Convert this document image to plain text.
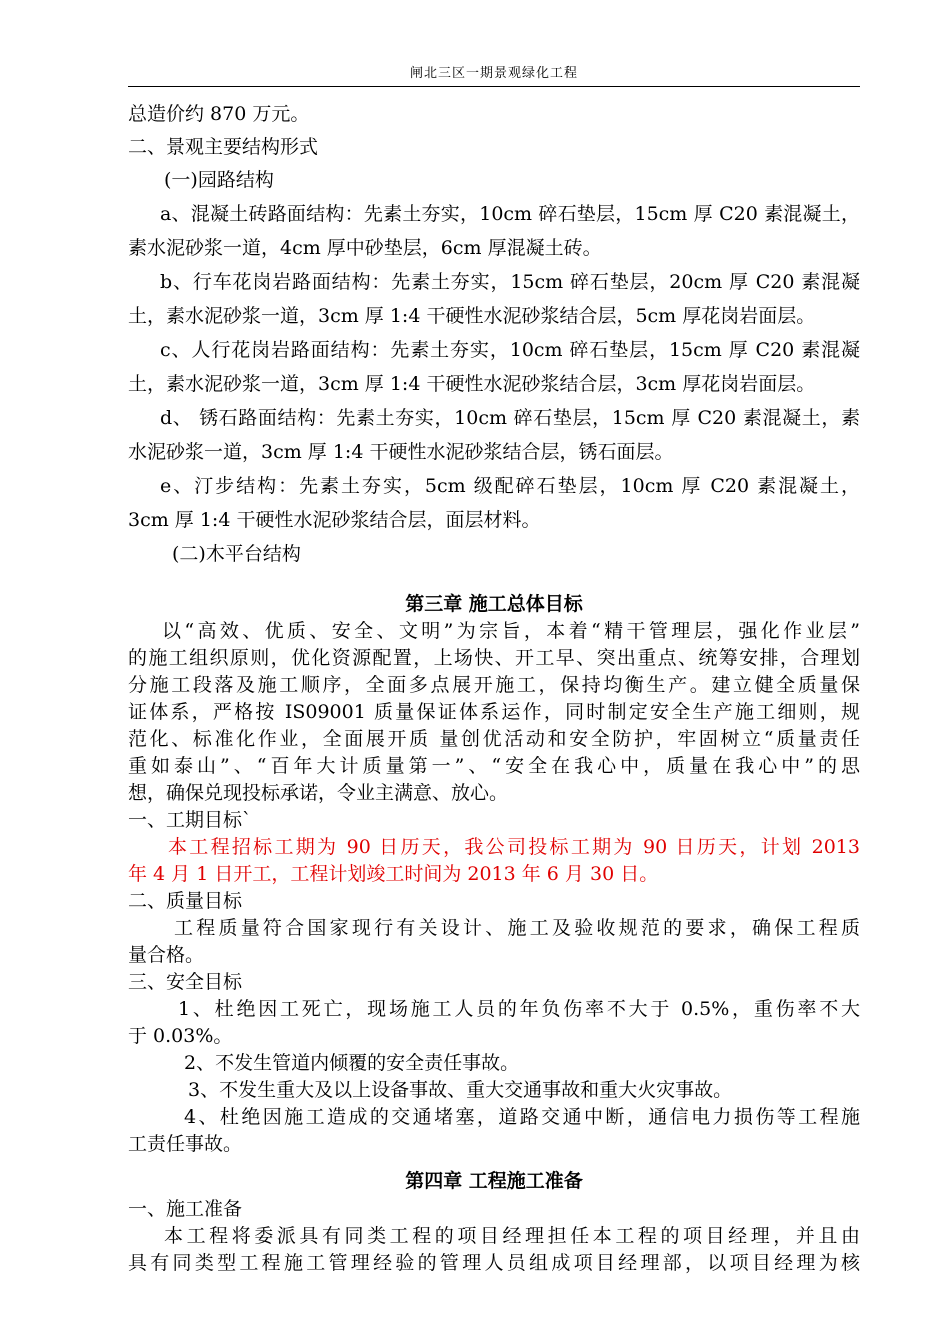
闸北三区一期景观绿化工程

总造价约 870 万元。

二、景观主要结构形式

(一)园路结构

a、混凝土砖路面结构：先素土夯实，10cm 碎石垫层，15cm 厚 C20 素混凝土，

素水泥砂浆一道，4cm 厚中砂垫层，6cm 厚混凝土砖。

b、行车花岗岩路面结构：先素土夯实，15cm 碎石垫层，20cm 厚 C20 素混凝

土，素水泥砂浆一道，3cm 厚 1:4 干硬性水泥砂浆结合层，5cm 厚花岗岩面层。

c、人行花岗岩路面结构：先素土夯实，10cm 碎石垫层，15cm 厚 C20 素混凝

土，素水泥砂浆一道，3cm 厚 1:4 干硬性水泥砂浆结合层，3cm 厚花岗岩面层。

d、 锈石路面结构：先素土夯实，10cm 碎石垫层，15cm 厚 C20 素混凝土，素

水泥砂浆一道，3cm 厚 1:4 干硬性水泥砂浆结合层，锈石面层。

e、汀步结构：先素土夯实，5cm 级配碎石垫层，10cm 厚 C20 素混凝土，

3cm 厚 1:4 干硬性水泥砂浆结合层，面层材料。

(二)木平台结构

第三章 施工总体目标

以“高效、优质、安全、文明”为宗旨，本着“精干管理层，强化作业层”

的施工组织原则，优化资源配置，上场快、开工早、突出重点、统筹安排，合理划

分施工段落及施工顺序，全面多点展开施工，保持均衡生产。建立健全质量保

证体系，严格按 IS09001 质量保证体系运作，同时制定安全生产施工细则，规

范化、标准化作业，全面展开质 量创优活动和安全防护，牢固树立“质量责任

重如泰山”、“百年大计质量第一”、“安全在我心中，质量在我心中”的思

想，确保兑现投标承诺，令业主满意、放心。

一、工期目标`

本工程招标工期为 90 日历天，我公司投标工期为 90 日历天，计划 2013

年 4 月 1 日开工，工程计划竣工时间为 2013 年 6 月 30 日。

二、质量目标

工程质量符合国家现行有关设计、施工及验收规范的要求，确保工程质

量合格。

三、安全目标

1、杜绝因工死亡，现场施工人员的年负伤率不大于 0.5%，重伤率不大

于 0.03%。

2、不发生管道内倾覆的安全责任事故。

3、不发生重大及以上设备事故、重大交通事故和重大火灾事故。

4、杜绝因施工造成的交通堵塞，道路交通中断，通信电力损伤等工程施

工责任事故。

第四章 工程施工准备

一、施工准备

本工程将委派具有同类工程的项目经理担任本工程的项目经理，并且由

具有同类型工程施工管理经验的管理人员组成项目经理部，以项目经理为核
